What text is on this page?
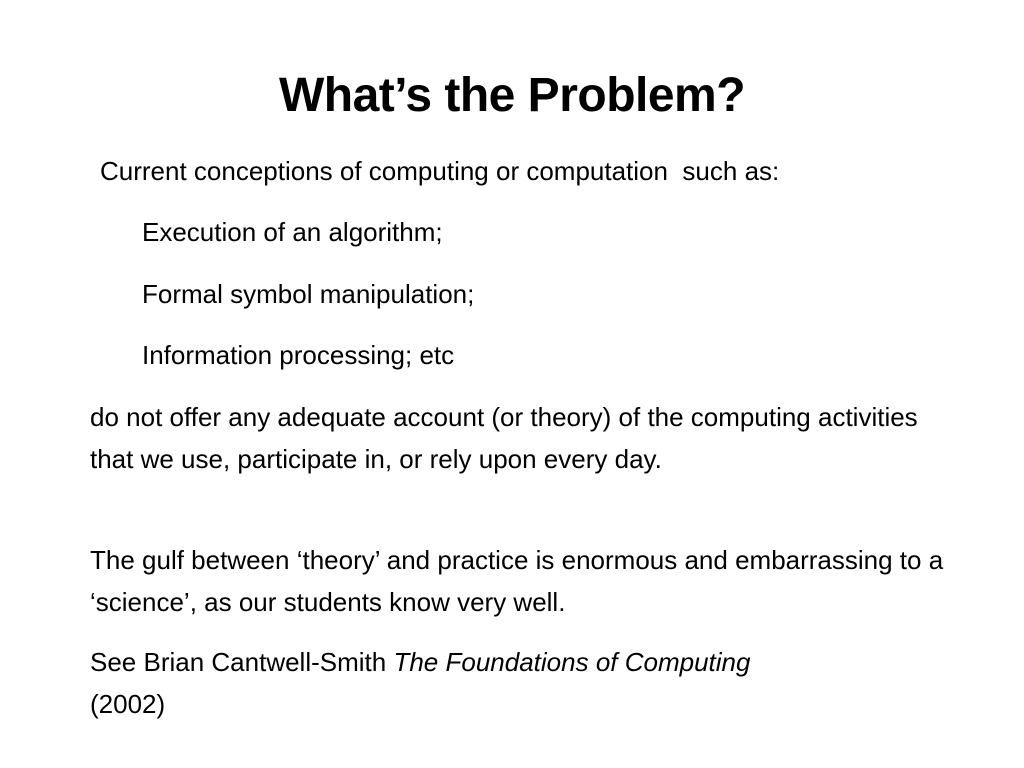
What’s the Problem?
Current conceptions of computing or computation  such as:
Execution of an algorithm;
Formal symbol manipulation;
Information processing; etc
do not offer any adequate account (or theory) of the computing activities that we use, participate in, or rely upon every day.
The gulf between ‘theory’ and practice is enormous and embarrassing to a ‘science’, as our students know very well.
See Brian Cantwell-Smith The Foundations of Computing
(2002)
